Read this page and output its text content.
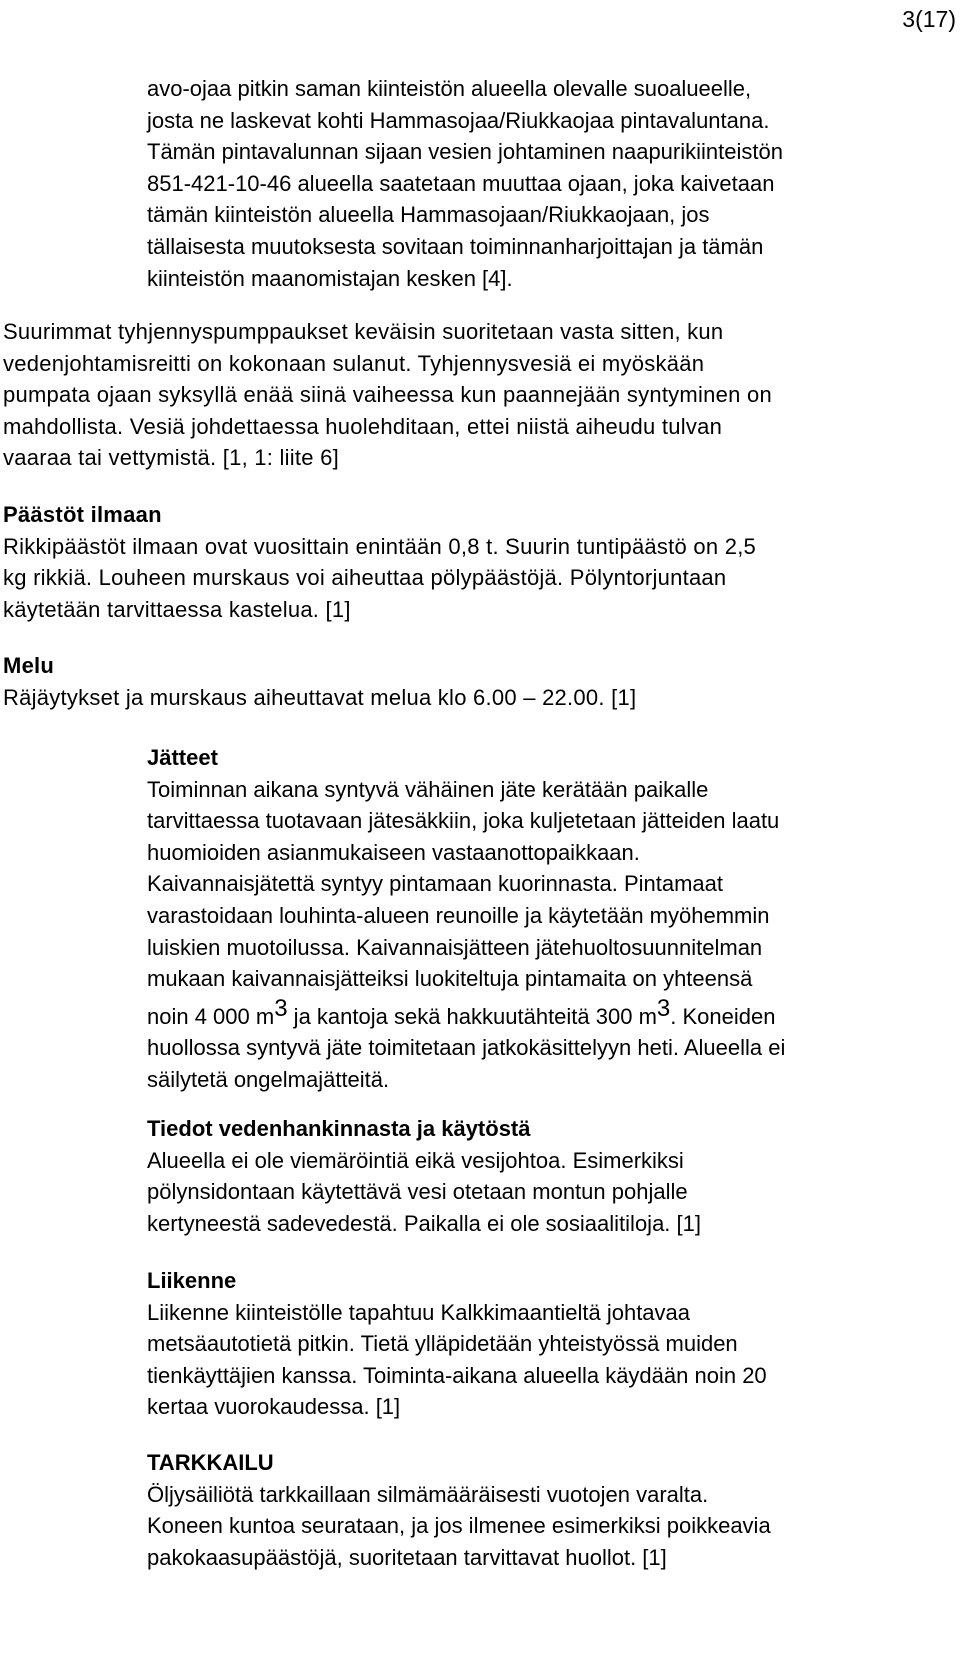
3(17)
avo-ojaa pitkin saman kiinteistön alueella olevalle suoalueelle,
josta ne laskevat kohti Hammasojaa/Riukkaojaa pintavaluntana.
Tämän pintavalunnan sijaan vesien johtaminen naapurikiinteistön
851-421-10-46 alueella saatetaan muuttaa ojaan, joka kaivetaan
tämän kiinteistön alueella Hammasojaan/Riukkaojaan, jos
tällaisesta muutoksesta sovitaan toiminnanharjoittajan ja tämän
kiinteistön maanomistajan kesken [4].
Suurimmat tyhjennyspumppaukset keväisin suoritetaan vasta sitten, kun
vedenjohtamisreitti on kokonaan sulanut. Tyhjennysvesiä ei myöskään
pumpata ojaan syksyllä enää siinä vaiheessa kun paannejään syntyminen on
mahdollista. Vesiä johdettaessa huolehditaan, ettei niistä aiheudu tulvan
vaaraa tai vettymistä. [1, 1: liite 6]
Päästöt ilmaan
Rikkipäästöt ilmaan ovat vuosittain enintään 0,8 t. Suurin tuntipäästö on 2,5
kg rikkiä. Louheen murskaus voi aiheuttaa pölypäästöjä. Pölyntorjuntaan
käytetään tarvittaessa kastelua. [1]
Melu
Räjäytykset ja murskaus aiheuttavat melua klo 6.00 – 22.00. [1]
Jätteet
Toiminnan aikana syntyvä vähäinen jäte kerätään paikalle
tarvittaessa tuotavaan jätesäkkiin, joka kuljetetaan jätteiden laatu
huomioiden asianmukaiseen vastaanottopaikkaan.
Kaivannaisjätettä syntyy pintamaan kuorinnasta. Pintamaat
varastoidaan louhinta-alueen reunoille ja käytetään myöhemmin
luiskien muotoilussa. Kaivannaisjätteen jätehuoltosuunnitelman
mukaan kaivannaisjätteiksi luokiteltuja pintamaita on yhteensä
noin 4 000 $m^3$ ja kantoja sekä hakkuutähteitä 300 $m^3$. Koneiden
huollossa syntyvä jäte toimitetaan jatkokäsittelyyn heti. Alueella ei
säilytetä ongelmajätteitä.
Tiedot vedenhankinnasta ja käytöstä
Alueella ei ole viemäröintiä eikä vesijohtoa. Esimerkiksi
pölynsidontaan käytettävä vesi otetaan montun pohjalle
kertyneestä sadevedestä. Paikalla ei ole sosiaalitiloja. [1]
Liikenne
Liikenne kiinteistölle tapahtuu Kalkkimaantieltä johtavaa
metsäautotietä pitkin. Tietä ylläpidetään yhteistyössä muiden
tienkäyttäjien kanssa. Toiminta-aikana alueella käydään noin 20
kertaa vuorokaudessa. [1]
TARKKAILU
Öljysäiliötä tarkkaillaan silmämääräisesti vuotojen varalta.
Koneen kuntoa seurataan, ja jos ilmenee esimerkiksi poikkeavia
pakokaasupäästöjä, suoritetaan tarvittavat huollot. [1]
